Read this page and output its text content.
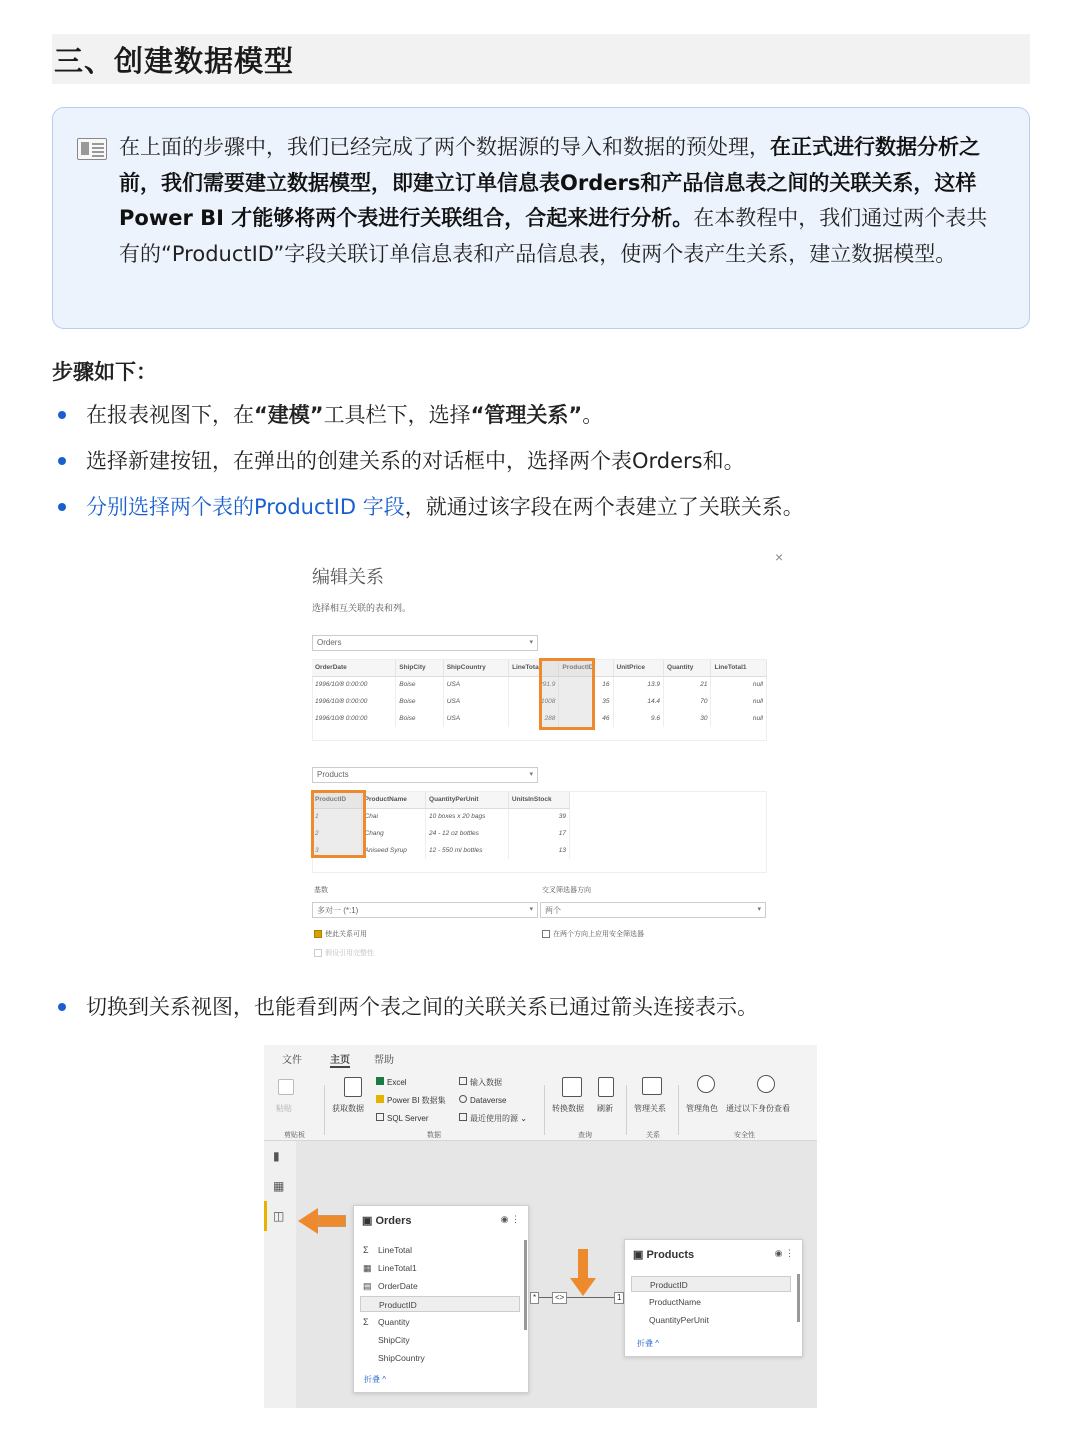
三、创建数据模型
在上面的步骤中，我们已经完成了两个数据源的导入和数据的预处理，在正式进行数据分析之前，我们需要建立数据模型，即建立订单信息表Orders和产品信息表之间的关联关系，这样Power BI 才能够将两个表进行关联组合，合起来进行分析。在本教程中，我们通过两个表共有的“ProductID”字段关联订单信息表和产品信息表，使两个表产生关系，建立数据模型。
步骤如下：
在报表视图下，在“建模”工具栏下，选择“管理关系”。
选择新建按钮，在弹出的创建关系的对话框中，选择两个表Orders和。
分别选择两个表的ProductID 字段，就通过该字段在两个表建立了关联关系。
编辑关系
×
选择相互关联的表和列。
Orders ▾
OrderDate	ShipCity	ShipCountry	LineTotal	ProductID	UnitPrice	Quantity	LineTotal1
1996/10/8 0:00:00	Boise	USA	291.9	16	13.9	21	null
1996/10/8 0:00:00	Boise	USA	1008	35	14.4	70	null
1996/10/8 0:00:00	Boise	USA	288	46	9.6	30	null
Products ▾
ProductID	ProductName	QuantityPerUnit	UnitsInStock
1	Chai	10 boxes x 20 bags	39
2	Chang	24 - 12 oz bottles	17
3	Aniseed Syrup	12 - 550 ml bottles	13
基数
多对一 (*:1) ▾
交叉筛选器方向
两个 ▾
使此关系可用	在两个方向上应用安全筛选器
假设引用完整性
切换到关系视图，也能看到两个表之间的关联关系已通过箭头连接表示。
文件	主页 帮助
粘贴	获取数据
Excel
Power BI 数据集
SQL Server
输入数据
Dataverse
最近使用的源 ⌄
转换数据 刷新	管理关系	管理角色 通过以下身份查看
剪贴板	数据	查询	关系	安全性
▮
▦
◫	▣ Orders	◉ ⋮
Σ LineTotal
▦ LineTotal1
▤ OrderDate
ProductID
Σ Quantity
ShipCity
ShipCountry
折叠 ^
*	<>	1
▣ Products	◉ ⋮
ProductID
ProductName
QuantityPerUnit
折叠 ^
